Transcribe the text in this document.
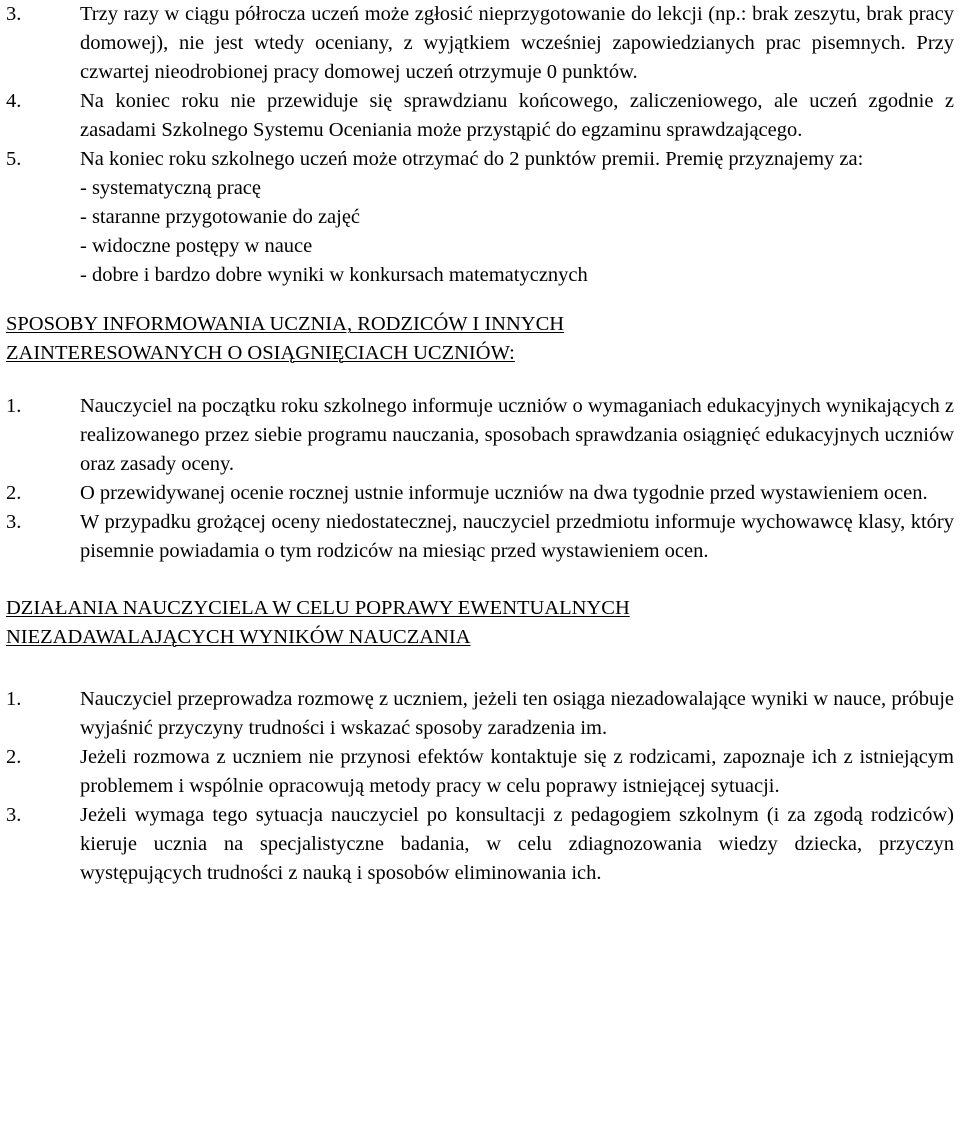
3.	Trzy razy w ciągu półrocza uczeń może zgłosić nieprzygotowanie do lekcji (np.: brak zeszytu, brak pracy domowej), nie jest wtedy oceniany, z wyjątkiem wcześniej zapowiedzianych prac pisemnych. Przy czwartej nieodrobionej pracy domowej uczeń otrzymuje 0 punktów.

4.	Na koniec roku nie przewiduje się sprawdzianu końcowego, zaliczeniowego, ale uczeń zgodnie z zasadami Szkolnego Systemu Oceniania może przystąpić do egzaminu sprawdzającego.

5.	Na koniec roku szkolnego uczeń może otrzymać do 2 punktów premii. Premię przyznajemy za:

- systematyczną pracę
- staranne przygotowanie do zajęć
- widoczne postępy w nauce
- dobre i bardzo dobre wyniki w konkursach matematycznych
SPOSOBY INFORMOWANIA UCZNIA, RODZICÓW I INNYCH
ZAINTERESOWANYCH O OSIĄGNIĘCIACH UCZNIÓW:
1.	Nauczyciel na początku roku szkolnego informuje uczniów o wymaganiach edukacyjnych wynikających z realizowanego przez siebie programu nauczania, sposobach sprawdzania osiągnięć edukacyjnych uczniów oraz zasady oceny.

2.	O przewidywanej ocenie rocznej ustnie informuje uczniów na dwa tygodnie przed wystawieniem ocen.

3.	W przypadku grożącej oceny niedostatecznej, nauczyciel przedmiotu informuje wychowawcę klasy, który pisemnie powiadamia o tym rodziców na miesiąc przed wystawieniem ocen.

DZIAŁANIA NAUCZYCIELA W CELU POPRAWY EWENTUALNYCH
NIEZADAWALAJĄCYCH WYNIKÓW NAUCZANIA
1.	Nauczyciel przeprowadza rozmowę z uczniem, jeżeli ten osiąga niezadowalające wyniki w nauce, próbuje wyjaśnić przyczyny trudności i wskazać sposoby zaradzenia im.

2.	Jeżeli rozmowa z uczniem nie przynosi efektów kontaktuje się z rodzicami, zapoznaje ich z istniejącym problemem i wspólnie opracowują metody pracy w celu poprawy istniejącej sytuacji.

3.	Jeżeli wymaga tego sytuacja nauczyciel po konsultacji z pedagogiem szkolnym (i za zgodą rodziców) kieruje ucznia na specjalistyczne badania, w celu zdiagnozowania wiedzy dziecka, przyczyn występujących trudności z nauką i sposobów eliminowania ich.
